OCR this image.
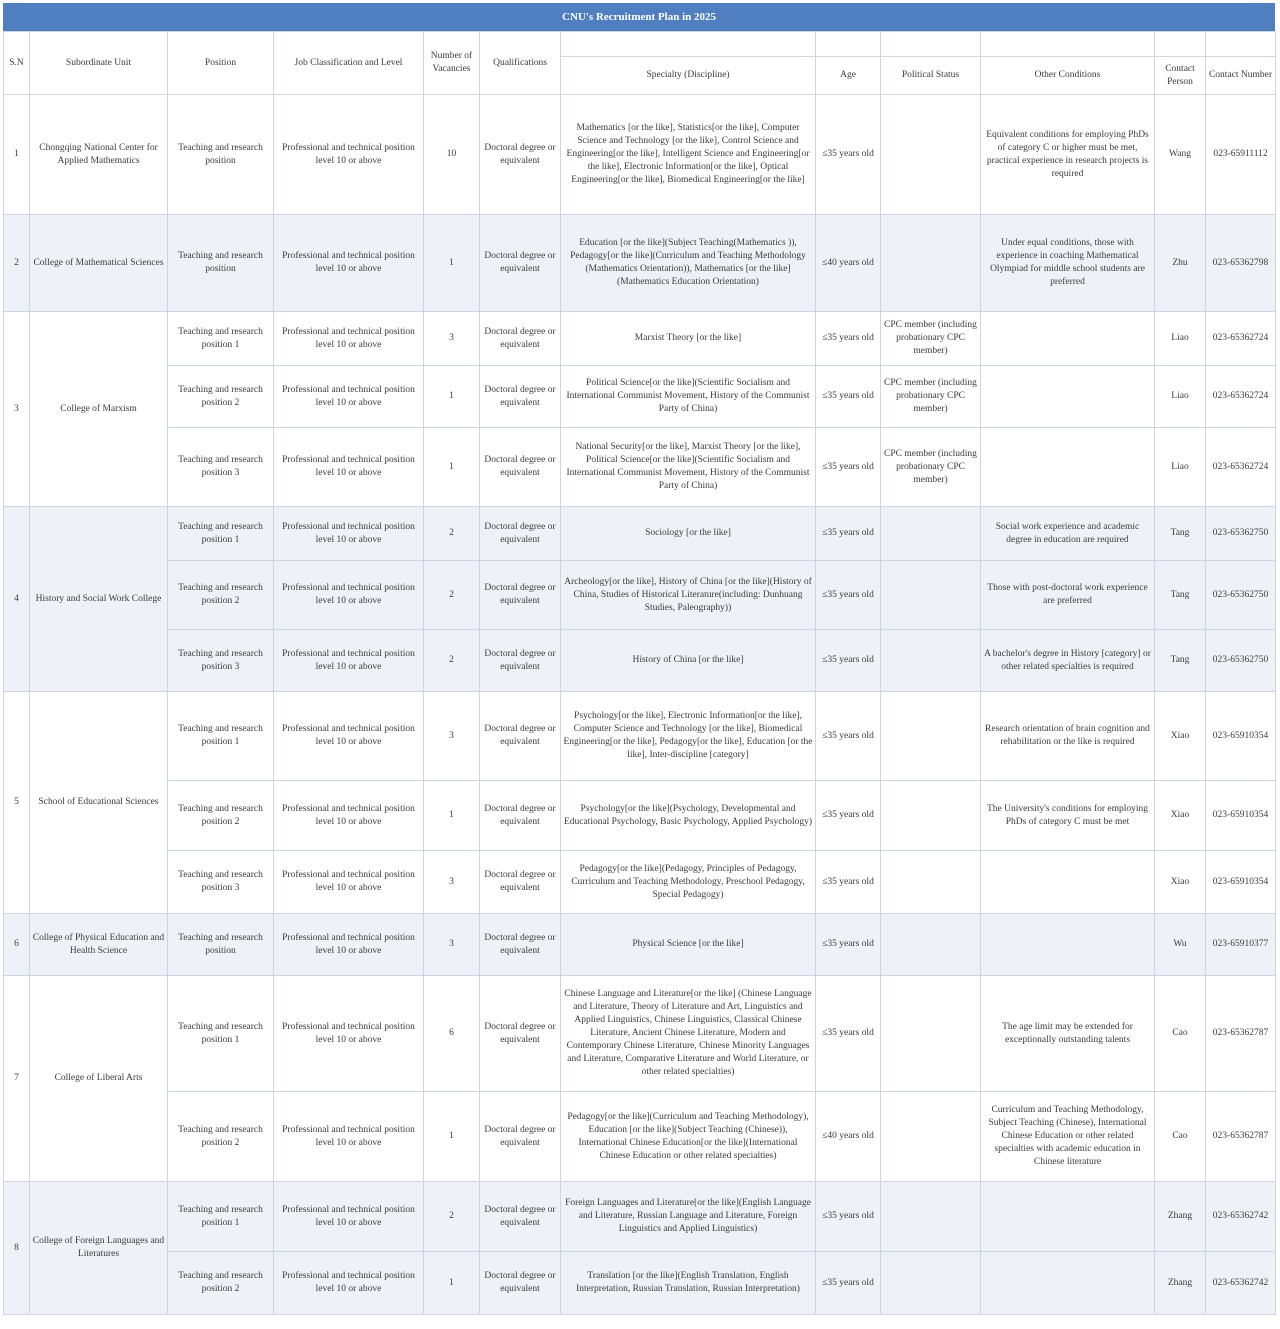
CNU's Recruitment Plan in 2025
S.N	Subordinate Unit	Position	Job Classification and Level	Number of Vacancies	Qualifications						
						Specialty (Discipline)	Age	Political Status	Other Conditions	Contact Person	Contact Number
1	Chongqing National Center for Applied Mathematics	Teaching and research position	Professional and technical position level 10 or above	10	Doctoral degree or equivalent	Mathematics [or the like], Statistics[or the like], Computer Science and Technology [or the like], Control Science and Engineering[or the like], Intelligent Science and Engineering[or the like], Electronic Information[or the like], Optical Engineering[or the like], Biomedical Engineering[or the like]	≤35 years old		Equivalent conditions for employing PhDs of category C or higher must be met, practical experience in research projects is required	Wang	023-65911112
2	College of Mathematical Sciences	Teaching and research position	Professional and technical position level 10 or above	1	Doctoral degree or equivalent	Education [or the like](Subject Teaching(Mathematics )), Pedagogy[or the like](Curriculum and Teaching Methodology (Mathematics Orientation)), Mathematics [or the like](Mathematics Education Orientation)	≤40 years old		Under equal conditions, those with experience in coaching Mathematical Olympiad for middle school students are preferred	Zhu	023-65362798
3	College of Marxism	Teaching and research position 1	Professional and technical position level 10 or above	3	Doctoral degree or equivalent	Marxist Theory [or the like]	≤35 years old	CPC member (including probationary CPC member)		Liao	023-65362724
		Teaching and research position 2	Professional and technical position level 10 or above	1	Doctoral degree or equivalent	Political Science[or the like](Scientific Socialism and International Communist Movement, History of the Communist Party of China)	≤35 years old	CPC member (including probationary CPC member)		Liao	023-65362724
		Teaching and research position 3	Professional and technical position level 10 or above	1	Doctoral degree or equivalent	National Security[or the like], Marxist Theory [or the like], Political Science[or the like](Scientific Socialism and International Communist Movement, History of the Communist Party of China)	≤35 years old	CPC member (including probationary CPC member)		Liao	023-65362724
4	History and Social Work College	Teaching and research position 1	Professional and technical position level 10 or above	2	Doctoral degree or equivalent	Sociology [or the like]	≤35 years old		Social work experience and academic degree in education are required	Tang	023-65362750
		Teaching and research position 2	Professional and technical position level 10 or above	2	Doctoral degree or equivalent	Archeology[or the like], History of China [or the like](History of China, Studies of Historical Literature(including: Dunhuang Studies, Paleography))	≤35 years old		Those with post-doctoral work experience are preferred	Tang	023-65362750
		Teaching and research position 3	Professional and technical position level 10 or above	2	Doctoral degree or equivalent	History of China [or the like]	≤35 years old		A bachelor's degree in History [category] or other related specialties is required	Tang	023-65362750
5	School of Educational Sciences	Teaching and research position 1	Professional and technical position level 10 or above	3	Doctoral degree or equivalent	Psychology[or the like], Electronic Information[or the like], Computer Science and Technology [or the like], Biomedical Engineering[or the like], Pedagogy[or the like], Education [or the like], Inter-discipline [category]	≤35 years old		Research orientation of brain cognition and rehabilitation or the like is required	Xiao	023-65910354
		Teaching and research position 2	Professional and technical position level 10 or above	1	Doctoral degree or equivalent	Psychology[or the like](Psychology, Developmental and Educational Psychology, Basic Psychology, Applied Psychology)	≤35 years old		The University's conditions for employing PhDs of category C must be met	Xiao	023-65910354
		Teaching and research position 3	Professional and technical position level 10 or above	3	Doctoral degree or equivalent	Pedagogy[or the like](Pedagogy, Principles of Pedagogy, Curriculum and Teaching Methodology, Preschool Pedagogy, Special Pedagogy)	≤35 years old			Xiao	023-65910354
6	College of Physical Education and Health Science	Teaching and research position	Professional and technical position level 10 or above	3	Doctoral degree or equivalent	Physical Science [or the like]	≤35 years old			Wu	023-65910377
7	College of Liberal Arts	Teaching and research position 1	Professional and technical position level 10 or above	6	Doctoral degree or equivalent	Chinese Language and Literature[or the like] (Chinese Language and Literature, Theory of Literature and Art, Linguistics and Applied Linguistics, Chinese Linguistics, Classical Chinese Literature, Ancient Chinese Literature, Modern and Contemporary Chinese Literature, Chinese Minority Languages and Literature, Comparative Literature and World Literature, or other related specialties)	≤35 years old		The age limit may be extended for exceptionally outstanding talents	Cao	023-65362787
		Teaching and research position 2	Professional and technical position level 10 or above	1	Doctoral degree or equivalent	Pedagogy[or the like](Curriculum and Teaching Methodology), Education [or the like](Subject Teaching (Chinese)), International Chinese Education[or the like](International Chinese Education or other related specialties)	≤40 years old		Curriculum and Teaching Methodology, Subject Teaching (Chinese), International Chinese Education or other related specialties with academic education in Chinese literature	Cao	023-65362787
8	College of Foreign Languages and Literatures	Teaching and research position 1	Professional and technical position level 10 or above	2	Doctoral degree or equivalent	Foreign Languages and Literature[or the like](English Language and Literature, Russian Language and Literature, Foreign Linguistics and Applied Linguistics)	≤35 years old			Zhang	023-65362742
		Teaching and research position 2	Professional and technical position level 10 or above	1	Doctoral degree or equivalent	Translation [or the like](English Translation, English Interpretation, Russian Translation, Russian Interpretation)	≤35 years old			Zhang	023-65362742
